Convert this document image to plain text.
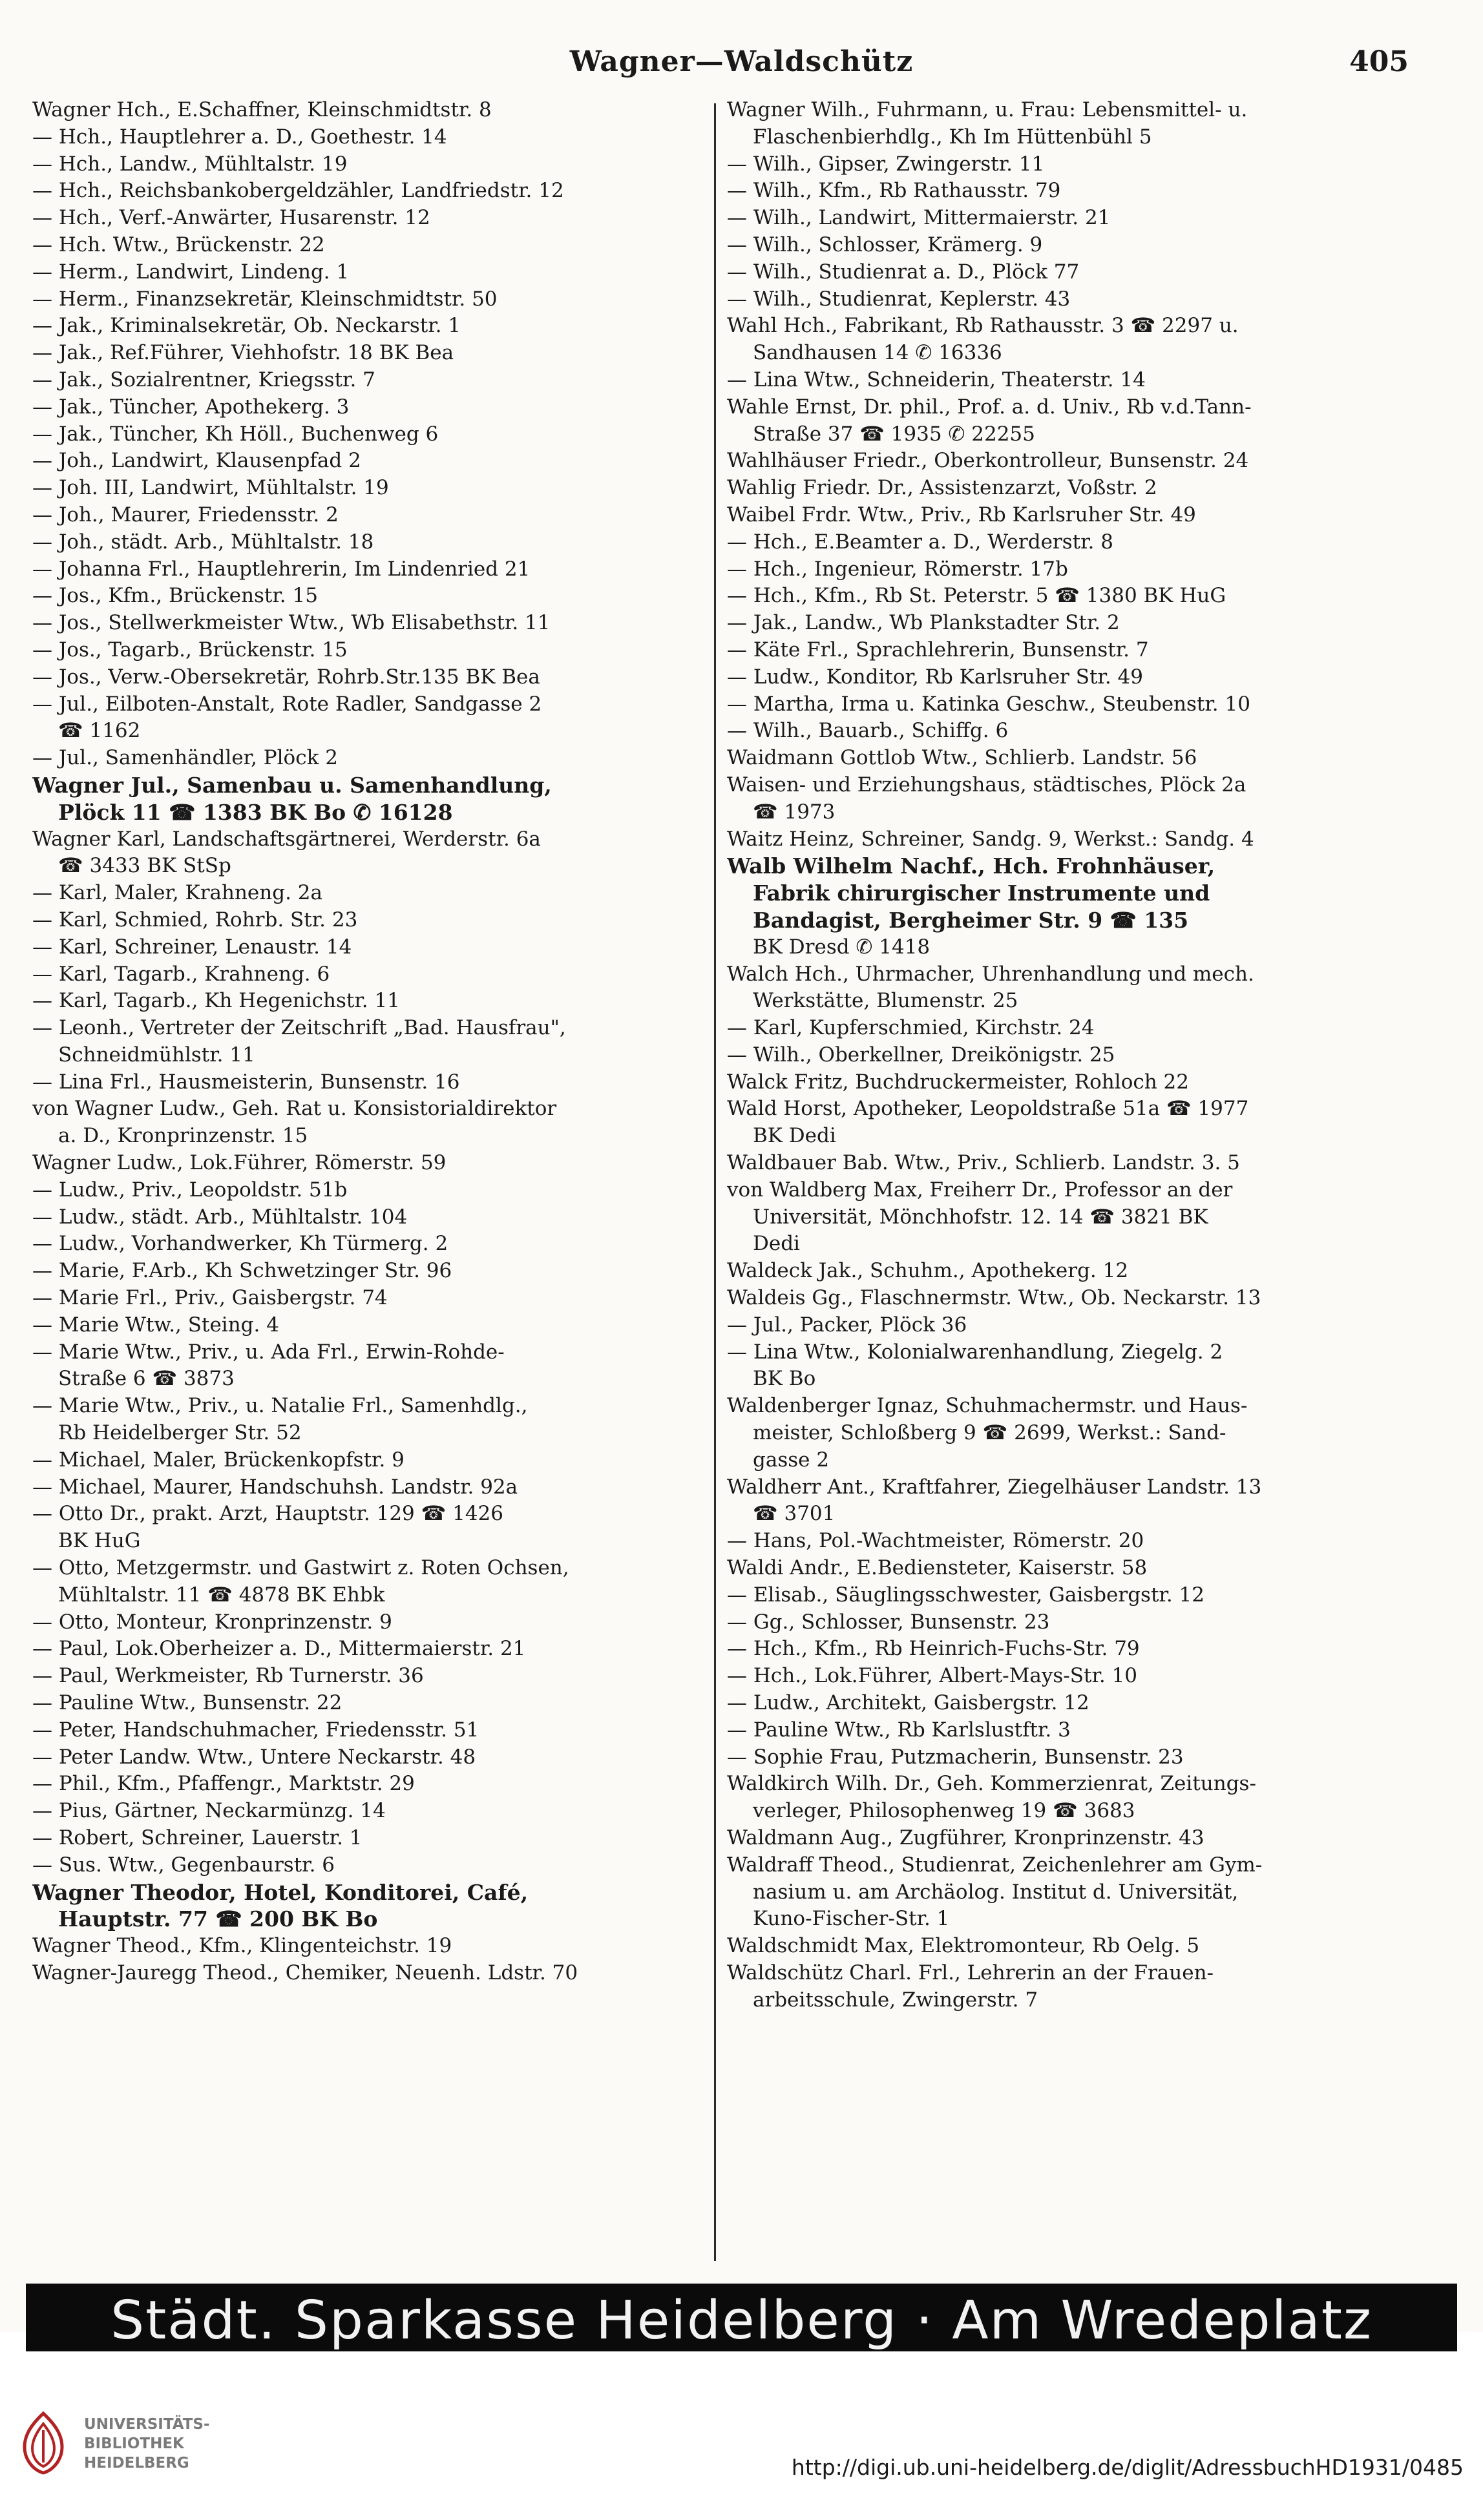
Wagner—Waldschütz	405
Wagner Hch., E.Schaffner, Kleinschmidtstr. 8
— Hch., Hauptlehrer a. D., Goethestr. 14
— Hch., Landw., Mühltalstr. 19
— Hch., Reichsbankobergeldzähler, Landfriedstr. 12
— Hch., Verf.-Anwärter, Husarenstr. 12
— Hch. Wtw., Brückenstr. 22
— Herm., Landwirt, Lindeng. 1
— Herm., Finanzsekretär, Kleinschmidtstr. 50
— Jak., Kriminalsekretär, Ob. Neckarstr. 1
— Jak., Ref.Führer, Viehhofstr. 18 BK Bea
— Jak., Sozialrentner, Kriegsstr. 7
— Jak., Tüncher, Apothekerg. 3
— Jak., Tüncher, Kh Höll., Buchenweg 6
— Joh., Landwirt, Klausenpfad 2
— Joh. III, Landwirt, Mühltalstr. 19
— Joh., Maurer, Friedensstr. 2
— Joh., städt. Arb., Mühltalstr. 18
— Johanna Frl., Hauptlehrerin, Im Lindenried 21
— Jos., Kfm., Brückenstr. 15
— Jos., Stellwerkmeister Wtw., Wb Elisabethstr. 11
— Jos., Tagarb., Brückenstr. 15
— Jos., Verw.-Obersekretär, Rohrb.Str.135 BK Bea
— Jul., Eilboten-Anstalt, Rote Radler, Sandgasse 2
☎ 1162
— Jul., Samenhändler, Plöck 2
Wagner Jul., Samenbau u. Samenhandlung,
Plöck 11 ☎ 1383 BK Bo ✆ 16128
Wagner Karl, Landschaftsgärtnerei, Werderstr. 6a
☎ 3433 BK StSp
— Karl, Maler, Krahneng. 2a
— Karl, Schmied, Rohrb. Str. 23
— Karl, Schreiner, Lenaustr. 14
— Karl, Tagarb., Krahneng. 6
— Karl, Tagarb., Kh Hegenichstr. 11
— Leonh., Vertreter der Zeitschrift „Bad. Hausfrau",
Schneidmühlstr. 11
— Lina Frl., Hausmeisterin, Bunsenstr. 16
von Wagner Ludw., Geh. Rat u. Konsistorialdirektor
a. D., Kronprinzenstr. 15
Wagner Ludw., Lok.Führer, Römerstr. 59
— Ludw., Priv., Leopoldstr. 51b
— Ludw., städt. Arb., Mühltalstr. 104
— Ludw., Vorhandwerker, Kh Türmerg. 2
— Marie, F.Arb., Kh Schwetzinger Str. 96
— Marie Frl., Priv., Gaisbergstr. 74
— Marie Wtw., Steing. 4
— Marie Wtw., Priv., u. Ada Frl., Erwin-Rohde-
Straße 6 ☎ 3873
— Marie Wtw., Priv., u. Natalie Frl., Samenhdlg.,
Rb Heidelberger Str. 52
— Michael, Maler, Brückenkopfstr. 9
— Michael, Maurer, Handschuhsh. Landstr. 92a
— Otto Dr., prakt. Arzt, Hauptstr. 129 ☎ 1426
BK HuG
— Otto, Metzgermstr. und Gastwirt z. Roten Ochsen,
Mühltalstr. 11 ☎ 4878 BK Ehbk
— Otto, Monteur, Kronprinzenstr. 9
— Paul, Lok.Oberheizer a. D., Mittermaierstr. 21
— Paul, Werkmeister, Rb Turnerstr. 36
— Pauline Wtw., Bunsenstr. 22
— Peter, Handschuhmacher, Friedensstr. 51
— Peter Landw. Wtw., Untere Neckarstr. 48
— Phil., Kfm., Pfaffengr., Marktstr. 29
— Pius, Gärtner, Neckarmünzg. 14
— Robert, Schreiner, Lauerstr. 1
— Sus. Wtw., Gegenbaurstr. 6
Wagner Theodor, Hotel, Konditorei, Café,
Hauptstr. 77 ☎ 200 BK Bo
Wagner Theod., Kfm., Klingenteichstr. 19
Wagner-Jauregg Theod., Chemiker, Neuenh. Ldstr. 70
Wagner Wilh., Fuhrmann, u. Frau: Lebensmittel- u.
Flaschenbierhdlg., Kh Im Hüttenbühl 5
— Wilh., Gipser, Zwingerstr. 11
— Wilh., Kfm., Rb Rathausstr. 79
— Wilh., Landwirt, Mittermaierstr. 21
— Wilh., Schlosser, Krämerg. 9
— Wilh., Studienrat a. D., Plöck 77
— Wilh., Studienrat, Keplerstr. 43
Wahl Hch., Fabrikant, Rb Rathausstr. 3 ☎ 2297 u.
Sandhausen 14 ✆ 16336
— Lina Wtw., Schneiderin, Theaterstr. 14
Wahle Ernst, Dr. phil., Prof. a. d. Univ., Rb v.d.Tann-
Straße 37 ☎ 1935 ✆ 22255
Wahlhäuser Friedr., Oberkontrolleur, Bunsenstr. 24
Wahlig Friedr. Dr., Assistenzarzt, Voßstr. 2
Waibel Frdr. Wtw., Priv., Rb Karlsruher Str. 49
— Hch., E.Beamter a. D., Werderstr. 8
— Hch., Ingenieur, Römerstr. 17b
— Hch., Kfm., Rb St. Peterstr. 5 ☎ 1380 BK HuG
— Jak., Landw., Wb Plankstadter Str. 2
— Käte Frl., Sprachlehrerin, Bunsenstr. 7
— Ludw., Konditor, Rb Karlsruher Str. 49
— Martha, Irma u. Katinka Geschw., Steubenstr. 10
— Wilh., Bauarb., Schiffg. 6
Waidmann Gottlob Wtw., Schlierb. Landstr. 56
Waisen- und Erziehungshaus, städtisches, Plöck 2a
☎ 1973
Waitz Heinz, Schreiner, Sandg. 9, Werkst.: Sandg. 4
Walb Wilhelm Nachf., Hch. Frohnhäuser,
Fabrik chirurgischer Instrumente und
Bandagist, Bergheimer Str. 9 ☎ 135
BK Dresd ✆ 1418
Walch Hch., Uhrmacher, Uhrenhandlung und mech.
Werkstätte, Blumenstr. 25
— Karl, Kupferschmied, Kirchstr. 24
— Wilh., Oberkellner, Dreikönigstr. 25
Walck Fritz, Buchdruckermeister, Rohloch 22
Wald Horst, Apotheker, Leopoldstraße 51a ☎ 1977
BK Dedi
Waldbauer Bab. Wtw., Priv., Schlierb. Landstr. 3. 5
von Waldberg Max, Freiherr Dr., Professor an der
Universität, Mönchhofstr. 12. 14 ☎ 3821 BK
Dedi
Waldeck Jak., Schuhm., Apothekerg. 12
Waldeis Gg., Flaschnermstr. Wtw., Ob. Neckarstr. 13
— Jul., Packer, Plöck 36
— Lina Wtw., Kolonialwarenhandlung, Ziegelg. 2
BK Bo
Waldenberger Ignaz, Schuhmachermstr. und Haus-
meister, Schloßberg 9 ☎ 2699, Werkst.: Sand-
gasse 2
Waldherr Ant., Kraftfahrer, Ziegelhäuser Landstr. 13
☎ 3701
— Hans, Pol.-Wachtmeister, Römerstr. 20
Waldi Andr., E.Bediensteter, Kaiserstr. 58
— Elisab., Säuglingsschwester, Gaisbergstr. 12
— Gg., Schlosser, Bunsenstr. 23
— Hch., Kfm., Rb Heinrich-Fuchs-Str. 79
— Hch., Lok.Führer, Albert-Mays-Str. 10
— Ludw., Architekt, Gaisbergstr. 12
— Pauline Wtw., Rb Karlslustftr. 3
— Sophie Frau, Putzmacherin, Bunsenstr. 23
Waldkirch Wilh. Dr., Geh. Kommerzienrat, Zeitungs-
verleger, Philosophenweg 19 ☎ 3683
Waldmann Aug., Zugführer, Kronprinzenstr. 43
Waldraff Theod., Studienrat, Zeichenlehrer am Gym-
nasium u. am Archäolog. Institut d. Universität,
Kuno-Fischer-Str. 1
Waldschmidt Max, Elektromonteur, Rb Oelg. 5
Waldschütz Charl. Frl., Lehrerin an der Frauen-
arbeitsschule, Zwingerstr. 7
Städt. Sparkasse Heidelberg · Am Wredeplatz
UNIVERSITÄTS-
BIBLIOTHEK
HEIDELBERG	http://digi.ub.uni-heidelberg.de/diglit/AdressbuchHD1931/0485
